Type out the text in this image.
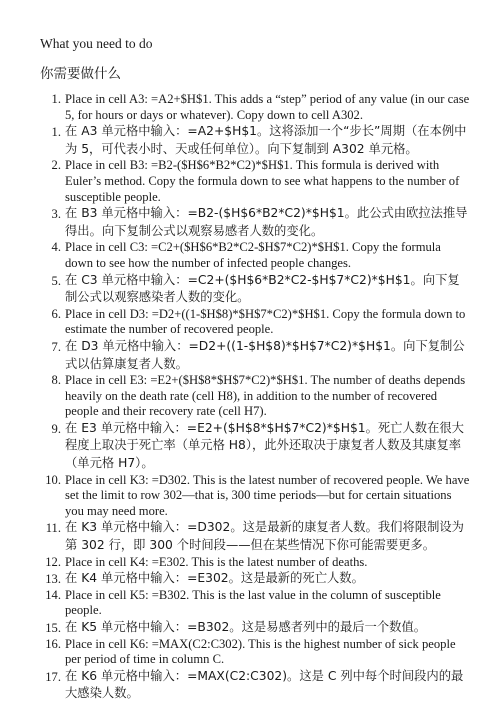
What you need to do
你需要做什么
1. Place in cell A3: =A2+$H$1. This adds a “step” period of any value (in our case 5, for hours or days or whatever). Copy down to cell A302.
1. 在 A3 单元格中输入：=A2+$H$1。这将添加一个“步长”周期（在本例中为 5，可代表小时、天或任何单位）。向下复制到 A302 单元格。
2. Place in cell B3: =B2-($H$6*B2*C2)*$H$1. This formula is derived with Euler’s method. Copy the formula down to see what happens to the number of susceptible people.
3. 在 B3 单元格中输入：=B2-($H$6*B2*C2)*$H$1。此公式由欧拉法推导得出。向下复制公式以观察易感者人数的变化。
4. Place in cell C3: =C2+($H$6*B2*C2-$H$7*C2)*$H$1. Copy the formula down to see how the number of infected people changes.
5. 在 C3 单元格中输入：=C2+($H$6*B2*C2-$H$7*C2)*$H$1。向下复制公式以观察感染者人数的变化。
6. Place in cell D3: =D2+((1-$H$8)*$H$7*C2)*$H$1. Copy the formula down to estimate the number of recovered people.
7. 在 D3 单元格中输入：=D2+((1-$H$8)*$H$7*C2)*$H$1。向下复制公式以估算康复者人数。
8. Place in cell E3: =E2+($H$8*$H$7*C2)*$H$1. The number of deaths depends heavily on the death rate (cell H8), in addition to the number of recovered people and their recovery rate (cell H7).
9. 在 E3 单元格中输入：=E2+($H$8*$H$7*C2)*$H$1。死亡人数在很大程度上取决于死亡率（单元格 H8），此外还取决于康复者人数及其康复率（单元格 H7）。
10. Place in cell K3: =D302. This is the latest number of recovered people. We have set the limit to row 302—that is, 300 time periods—but for certain situations you may need more.
11. 在 K3 单元格中输入：=D302。这是最新的康复者人数。我们将限制设为第 302 行，即 300 个时间段——但在某些情况下你可能需要更多。
12. Place in cell K4: =E302. This is the latest number of deaths.
13. 在 K4 单元格中输入：=E302。这是最新的死亡人数。
14. Place in cell K5: =B302. This is the last value in the column of susceptible people.
15. 在 K5 单元格中输入：=B302。这是易感者列中的最后一个数值。
16. Place in cell K6: =MAX(C2:C302). This is the highest number of sick people per period of time in column C.
17. 在 K6 单元格中输入：=MAX(C2:C302)。这是 C 列中每个时间段内的最大感染人数。
